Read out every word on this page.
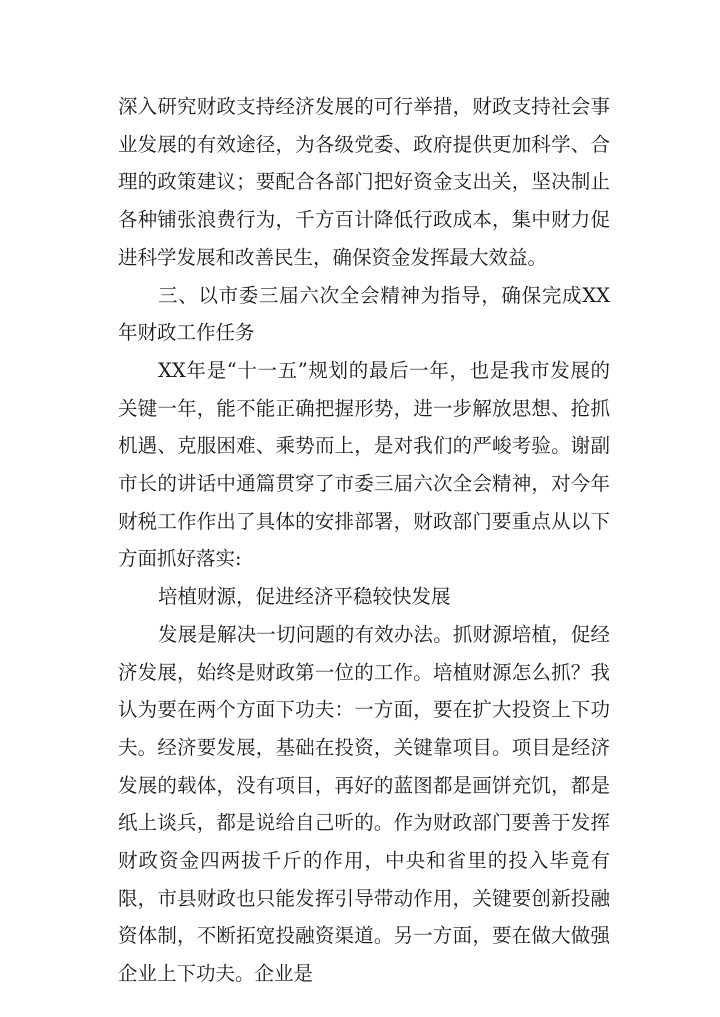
深入研究财政支持经济发展的可行举措，财政支持社会事业发展的有效途径，为各级党委、政府提供更加科学、合理的政策建议；要配合各部门把好资金支出关，坚决制止各种铺张浪费行为，千方百计降低行政成本，集中财力促进科学发展和改善民生，确保资金发挥最大效益。

三、以市委三届六次全会精神为指导，确保完成XX年财政工作任务

XX年是“十一五”规划的最后一年，也是我市发展的关键一年，能不能正确把握形势，进一步解放思想、抢抓机遇、克服困难、乘势而上，是对我们的严峻考验。谢副市长的讲话中通篇贯穿了市委三届六次全会精神，对今年财税工作作出了具体的安排部署，财政部门要重点从以下方面抓好落实:

培植财源，促进经济平稳较快发展

发展是解决一切问题的有效办法。抓财源培植，促经济发展，始终是财政第一位的工作。培植财源怎么抓？我认为要在两个方面下功夫：一方面，要在扩大投资上下功夫。经济要发展，基础在投资，关键靠项目。项目是经济发展的载体，没有项目，再好的蓝图都是画饼充饥，都是纸上谈兵，都是说给自己听的。作为财政部门要善于发挥财政资金四两拔千斤的作用，中央和省里的投入毕竟有限，市县财政也只能发挥引导带动作用，关键要创新投融资体制，不断拓宽投融资渠道。另一方面，要在做大做强企业上下功夫。企业是
